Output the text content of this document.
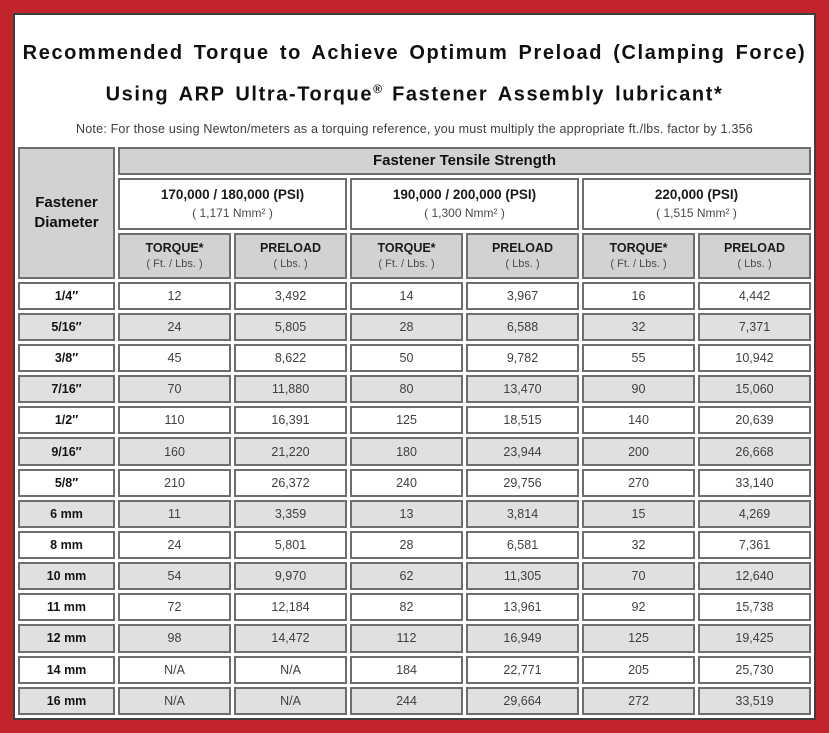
Recommended Torque to Achieve Optimum Preload (Clamping Force)
Using ARP Ultra-Torque® Fastener Assembly lubricant*
Note: For those using Newton/meters as a torquing reference, you must multiply the appropriate ft./lbs. factor by 1.356
Fastener
Diameter	Fastener Tensile Strength					

170,000 / 180,000 (PSI)
( 1,171 Nmm² )

190,000 / 200,000 (PSI)
( 1,300 Nmm² )

220,000 (PSI)
( 1,515 Nmm² )

TORQUE*
( Ft. / Lbs. )

PRELOAD
( Lbs. )

TORQUE*
( Ft. / Lbs. )

PRELOAD
( Lbs. )

TORQUE*
( Ft. / Lbs. )

PRELOAD
( Lbs. )

1/4″	12	3,492	14	3,967	16	4,442
5/16″	24	5,805	28	6,588	32	7,371
3/8″	45	8,622	50	9,782	55	10,942
7/16″	70	11,880	80	13,470	90	15,060
1/2″	110	16,391	125	18,515	140	20,639
9/16″	160	21,220	180	23,944	200	26,668
5/8″	210	26,372	240	29,756	270	33,140
6 mm	11	3,359	13	3,814	15	4,269
8 mm	24	5,801	28	6,581	32	7,361
10 mm	54	9,970	62	11,305	70	12,640
11 mm	72	12,184	82	13,961	92	15,738
12 mm	98	14,472	112	16,949	125	19,425
14 mm	N/A	N/A	184	22,771	205	25,730
16 mm	N/A	N/A	244	29,664	272	33,519
